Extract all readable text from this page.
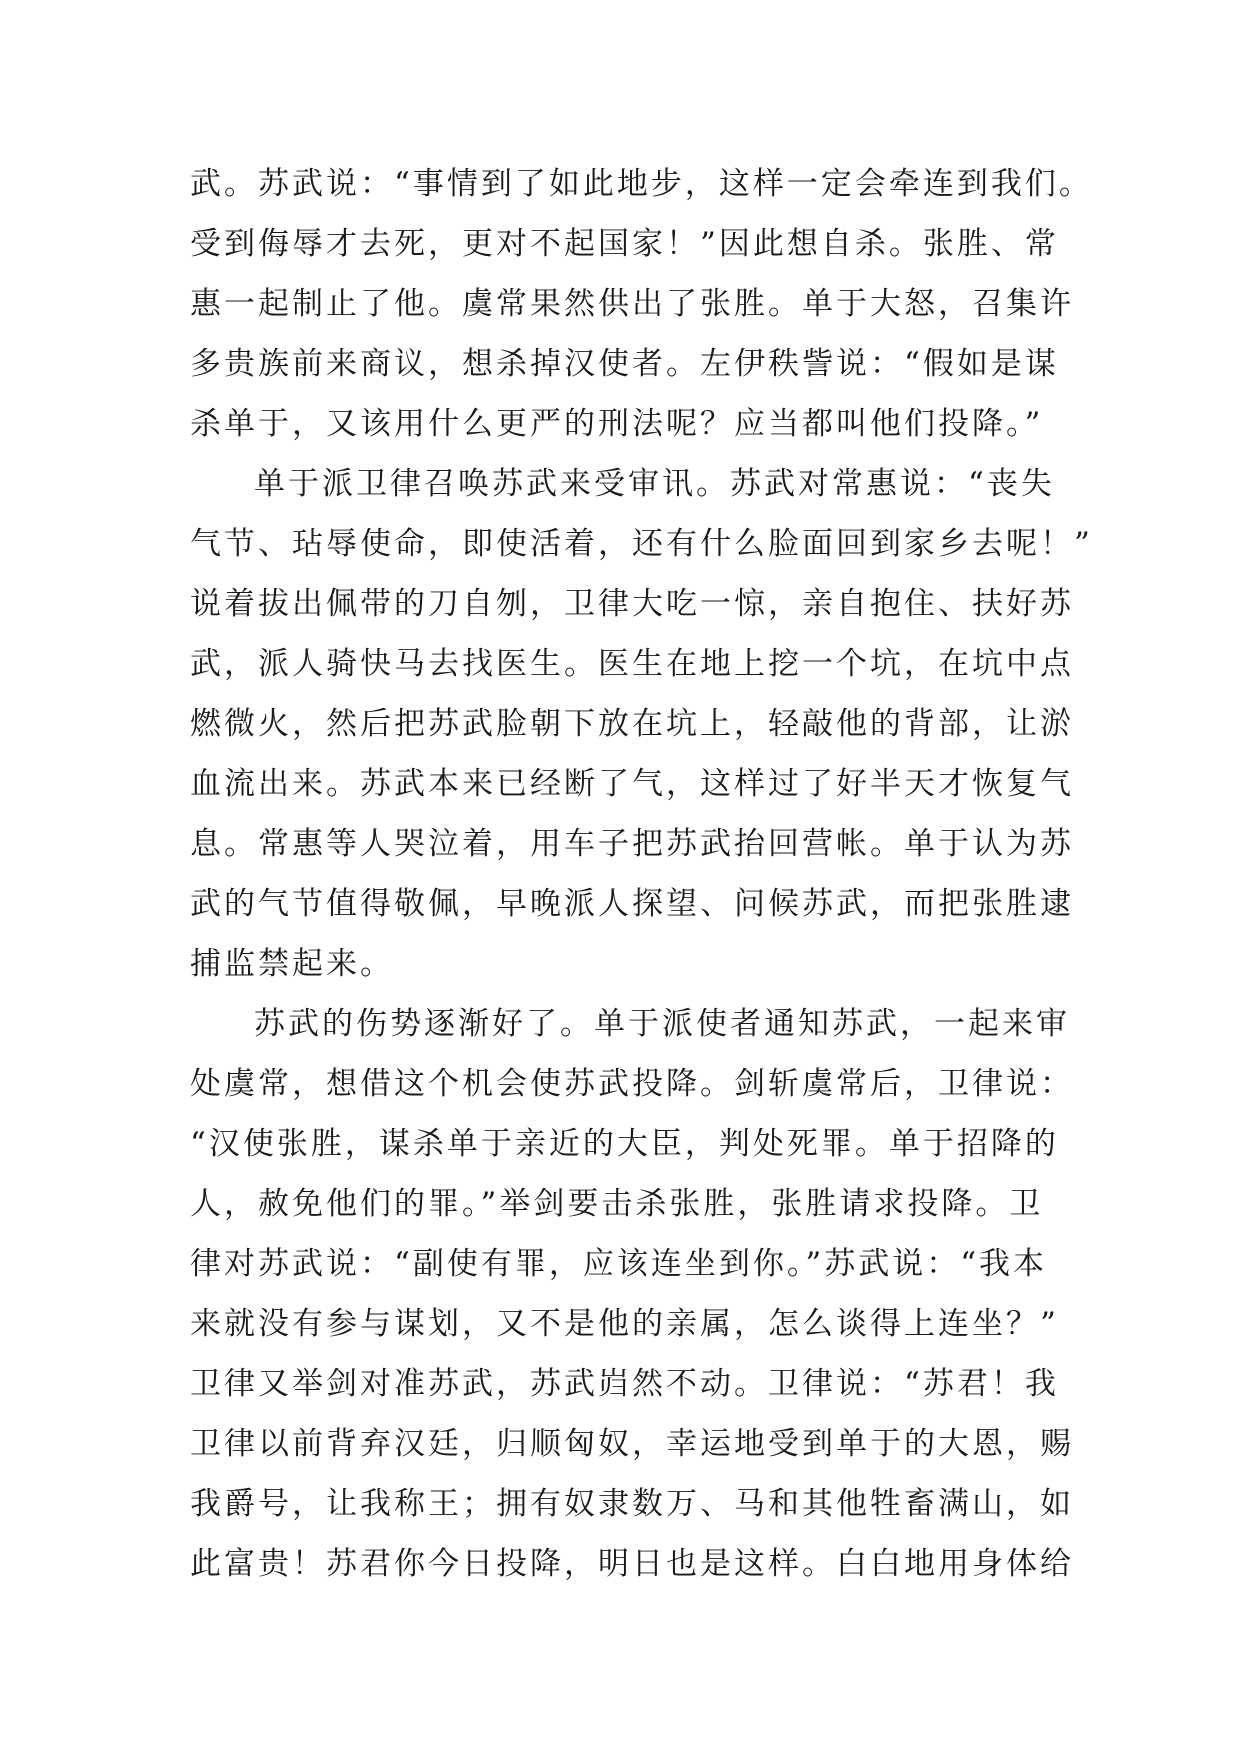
武。苏武说：“事情到了如此地步，这样一定会牵连到我们。
受到侮辱才去死，更对不起国家！”因此想自杀。张胜、常
惠一起制止了他。虞常果然供出了张胜。单于大怒，召集许
多贵族前来商议，想杀掉汉使者。左伊秩訾说：“假如是谋
杀单于，又该用什么更严的刑法呢？应当都叫他们投降。”
单于派卫律召唤苏武来受审讯。苏武对常惠说：“丧失
气节、玷辱使命，即使活着，还有什么脸面回到家乡去呢！”
说着拔出佩带的刀自刎，卫律大吃一惊，亲自抱住、扶好苏
武，派人骑快马去找医生。医生在地上挖一个坑，在坑中点
燃微火，然后把苏武脸朝下放在坑上，轻敲他的背部，让淤
血流出来。苏武本来已经断了气，这样过了好半天才恢复气
息。常惠等人哭泣着，用车子把苏武抬回营帐。单于认为苏
武的气节值得敬佩，早晚派人探望、问候苏武，而把张胜逮
捕监禁起来。
苏武的伤势逐渐好了。单于派使者通知苏武，一起来审
处虞常，想借这个机会使苏武投降。剑斩虞常后，卫律说：
“汉使张胜，谋杀单于亲近的大臣，判处死罪。单于招降的
人，赦免他们的罪。”举剑要击杀张胜，张胜请求投降。卫
律对苏武说：“副使有罪，应该连坐到你。”苏武说：“我本
来就没有参与谋划，又不是他的亲属，怎么谈得上连坐？”
卫律又举剑对准苏武，苏武岿然不动。卫律说：“苏君！我
卫律以前背弃汉廷，归顺匈奴，幸运地受到单于的大恩，赐
我爵号，让我称王；拥有奴隶数万、马和其他牲畜满山，如
此富贵！苏君你今日投降，明日也是这样。白白地用身体给
